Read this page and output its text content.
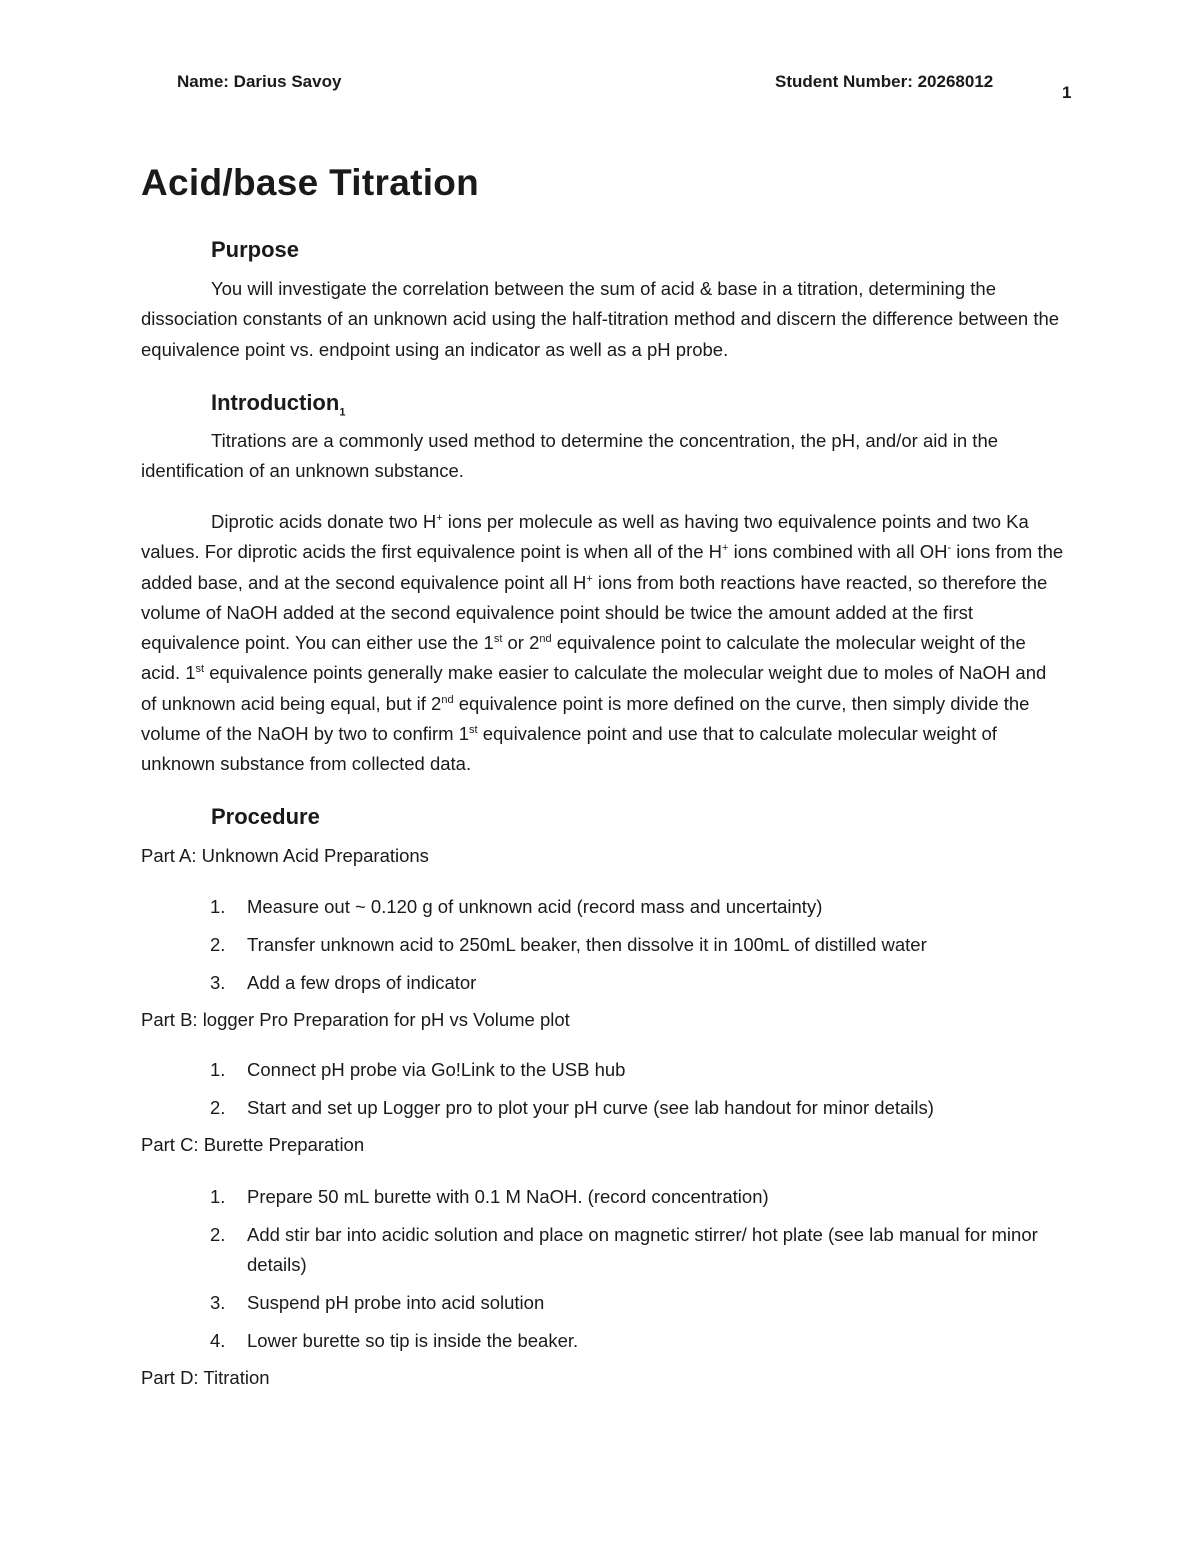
Name: Darius Savoy	Student Number: 20268012
1
Acid/base Titration
Purpose
You will investigate the correlation between the sum of acid & base in a titration, determining the dissociation constants of an unknown acid using the half-titration method and discern the difference between the equivalence point vs. endpoint using an indicator as well as a pH probe.
Introduction$_1$
Titrations are a commonly used method to determine the concentration, the pH, and/or aid in the identification of an unknown substance.
Diprotic acids donate two H+ ions per molecule as well as having two equivalence points and two Ka values. For diprotic acids the first equivalence point is when all of the H+ ions combined with all OH- ions from the added base, and at the second equivalence point all H+ ions from both reactions have reacted, so therefore the volume of NaOH added at the second equivalence point should be twice the amount added at the first equivalence point. You can either use the 1st or 2nd equivalence point to calculate the molecular weight of the acid. 1st equivalence points generally make easier to calculate the molecular weight due to moles of NaOH and of unknown acid being equal, but if 2nd equivalence point is more defined on the curve, then simply divide the volume of the NaOH by two to confirm 1st equivalence point and use that to calculate molecular weight of unknown substance from collected data.
Procedure
Part A: Unknown Acid Preparations
1. Measure out ~ 0.120 g of unknown acid (record mass and uncertainty)
2. Transfer unknown acid to 250mL beaker, then dissolve it in 100mL of distilled water
3. Add a few drops of indicator
Part B: logger Pro Preparation for pH vs Volume plot
1. Connect pH probe via Go!Link to the USB hub
2. Start and set up Logger pro to plot your pH curve (see lab handout for minor details)
Part C: Burette Preparation
1. Prepare 50 mL burette with 0.1 M NaOH. (record concentration)
2. Add stir bar into acidic solution and place on magnetic stirrer/ hot plate (see lab manual for minor details)
3. Suspend pH probe into acid solution
4. Lower burette so tip is inside the beaker.
Part D: Titration
